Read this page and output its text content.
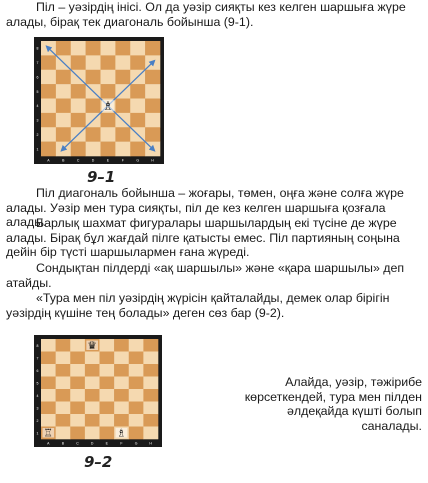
Піл – уәзірдің інісі. Ол да уәзір сияқты кез келген шаршыға жүре алады, бірақ тек диагональ бойынша (9-1).

8
7
6
5
4
3
2
1
A	B	C	D	E	F	G	H
♗
9–1

Піл диагональ бойынша – жоғары, төмен, оңға және солға жүре алады. Уәзір мен тура сияқты, піл де кез келген шаршыға қозғала алады.

Барлық шахмат фигуралары шаршылардың екі түсіне де жүре алады. Бірақ бұл жағдай пілге қатысты емес. Піл партияның соңына дейін бір түсті шаршылармен ғана жүреді.

Сондықтан пілдерді «ақ шаршылы» және «қара шаршылы» деп атайды.

«Тура мен піл уәзірдің жүрісін қайталайды, демек олар бірігін уәзірдің күшіне тең болады» деген сөз бар (9-2).

8
7
6
5
4
3
2
1
A	B	C	D	E	F	G	H
♛
♖	♗
9–2

Алайда, уәзір, тәжірибе көрсеткендей, тура мен пілден әлдеқайда күшті болып саналады.
